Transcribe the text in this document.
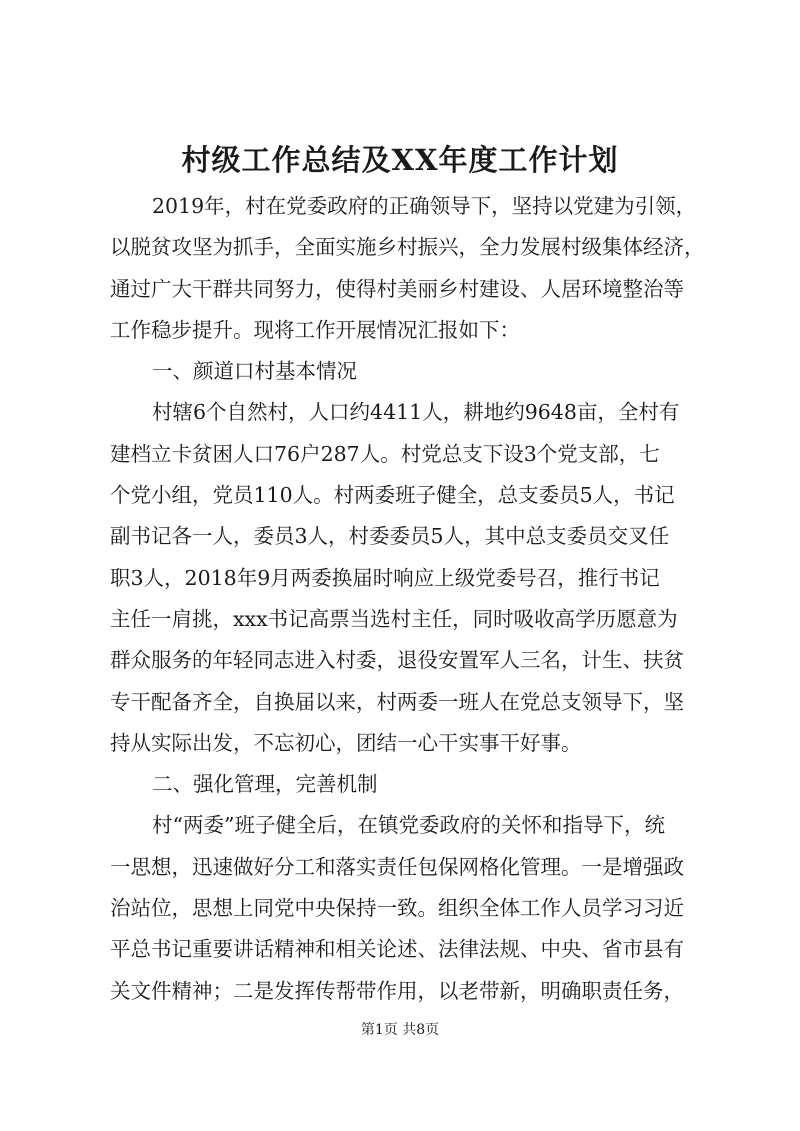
村级工作总结及XX年度工作计划
2019年，村在党委政府的正确领导下，坚持以党建为引领，
以脱贫攻坚为抓手，全面实施乡村振兴，全力发展村级集体经济，
通过广大干群共同努力，使得村美丽乡村建设、人居环境整治等
工作稳步提升。现将工作开展情况汇报如下：
一、颜道口村基本情况
村辖6个自然村，人口约4411人，耕地约9648亩，全村有
建档立卡贫困人口76户287人。村党总支下设3个党支部，七
个党小组，党员110人。村两委班子健全，总支委员5人，书记
副书记各一人，委员3人，村委委员5人，其中总支委员交叉任
职3人，2018年9月两委换届时响应上级党委号召，推行书记
主任一肩挑，xxx书记高票当选村主任，同时吸收高学历愿意为
群众服务的年轻同志进入村委，退役安置军人三名，计生、扶贫
专干配备齐全，自换届以来，村两委一班人在党总支领导下，坚
持从实际出发，不忘初心，团结一心干实事干好事。
二、强化管理，完善机制
村“两委”班子健全后，在镇党委政府的关怀和指导下，统
一思想，迅速做好分工和落实责任包保网格化管理。一是增强政
治站位，思想上同党中央保持一致。组织全体工作人员学习习近
平总书记重要讲话精神和相关论述、法律法规、中央、省市县有
关文件精神；二是发挥传帮带作用，以老带新，明确职责任务，
第1页 共8页
